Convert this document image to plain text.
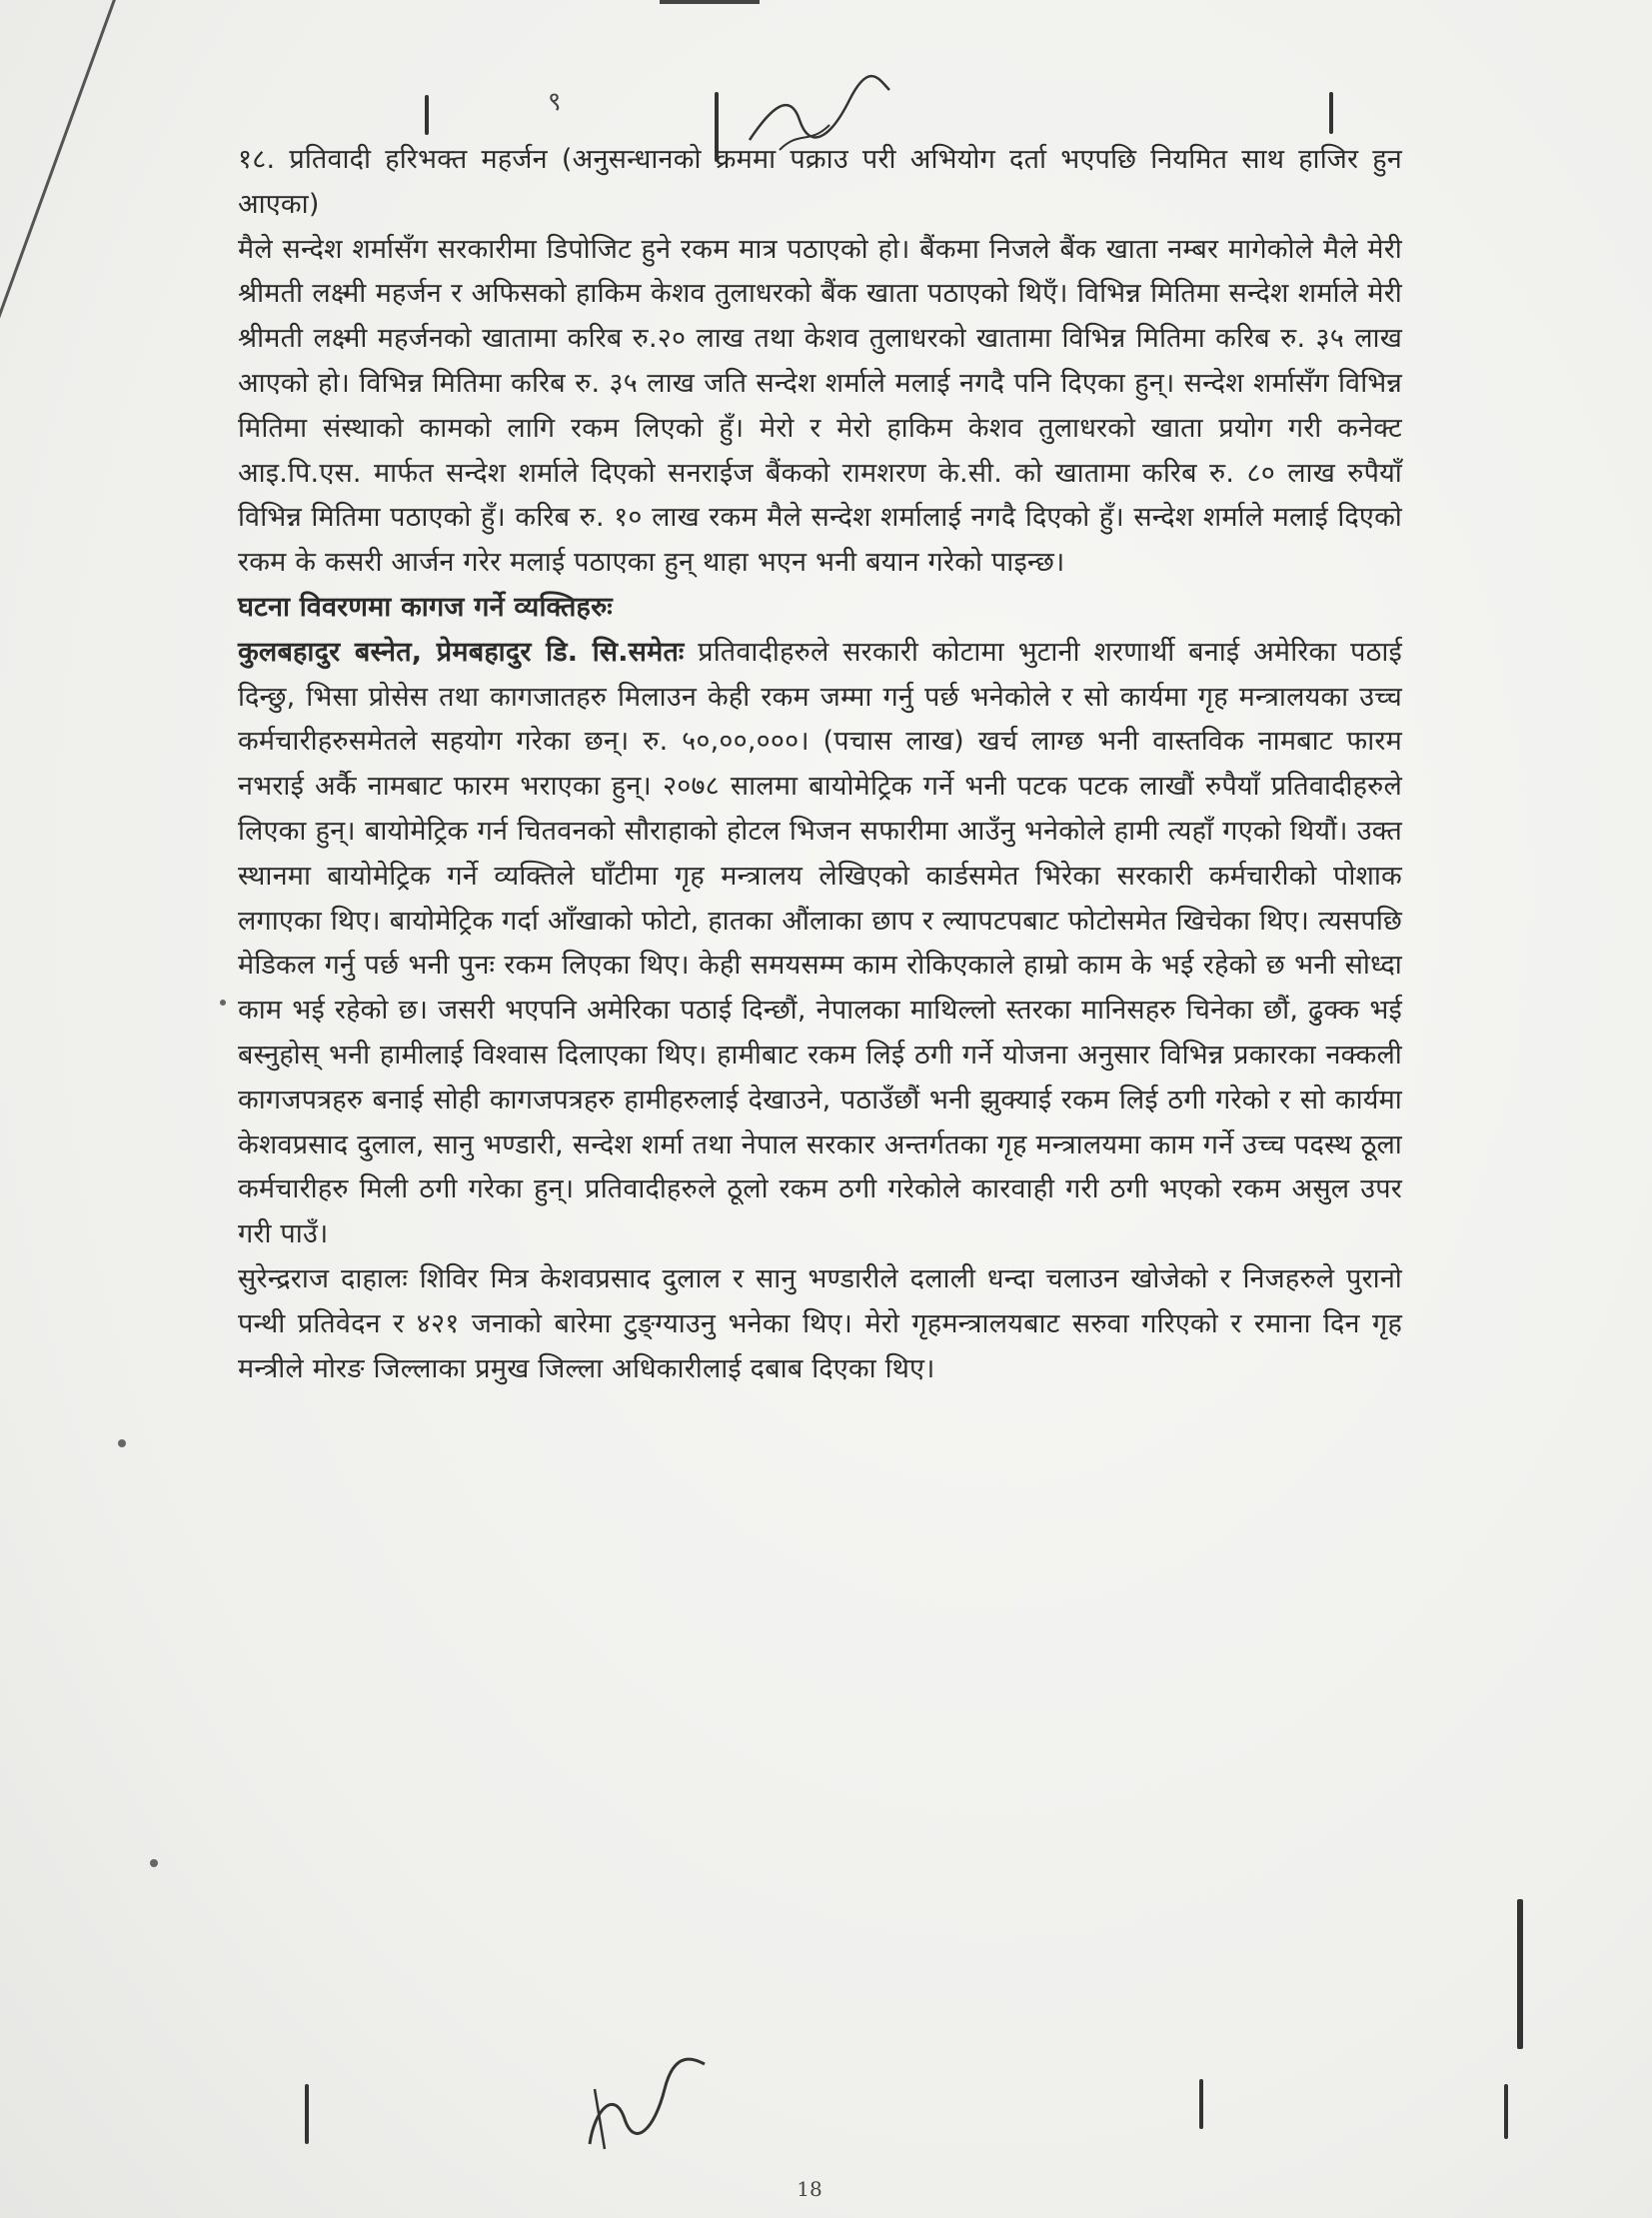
९

१८. प्रतिवादी हरिभक्त महर्जन (अनुसन्धानको क्रममा पक्राउ परी अभियोग दर्ता भएपछि नियमित साथ हाजिर हुन आएका)

मैले सन्देश शर्मासँग सरकारीमा डिपोजिट हुने रकम मात्र पठाएको हो। बैंकमा निजले बैंक खाता नम्बर मागेकोले मैले मेरी श्रीमती लक्ष्मी महर्जन र अफिसको हाकिम केशव तुलाधरको बैंक खाता पठाएको थिएँ। विभिन्न मितिमा सन्देश शर्माले मेरी श्रीमती लक्ष्मी महर्जनको खातामा करिब रु.२० लाख तथा केशव तुलाधरको खातामा विभिन्न मितिमा करिब रु. ३५ लाख आएको हो। विभिन्न मितिमा करिब रु. ३५ लाख जति सन्देश शर्माले मलाई नगदै पनि दिएका हुन्। सन्देश शर्मासँग विभिन्न मितिमा संस्थाको कामको लागि रकम लिएको हुँ। मेरो र मेरो हाकिम केशव तुलाधरको खाता प्रयोग गरी कनेक्ट आइ.पि.एस. मार्फत सन्देश शर्माले दिएको सनराईज बैंकको रामशरण के.सी. को खातामा करिब रु. ८० लाख रुपैयाँ विभिन्न मितिमा पठाएको हुँ। करिब रु. १० लाख रकम मैले सन्देश शर्मालाई नगदै दिएको हुँ। सन्देश शर्माले मलाई दिएको रकम के कसरी आर्जन गरेर मलाई पठाएका हुन् थाहा भएन भनी बयान गरेको पाइन्छ।

घटना विवरणमा कागज गर्ने व्यक्तिहरुः

कुलबहादुर बस्नेत, प्रेमबहादुर डि. सि.समेतः प्रतिवादीहरुले सरकारी कोटामा भुटानी शरणार्थी बनाई अमेरिका पठाई दिन्छु, भिसा प्रोसेस तथा कागजातहरु मिलाउन केही रकम जम्मा गर्नु पर्छ भनेकोले र सो कार्यमा गृह मन्त्रालयका उच्च कर्मचारीहरुसमेतले सहयोग गरेका छन्। रु. ५०,००,०००। (पचास लाख) खर्च लाग्छ भनी वास्तविक नामबाट फारम नभराई अर्कै नामबाट फारम भराएका हुन्। २०७८ सालमा बायोमेट्रिक गर्ने भनी पटक पटक लाखौं रुपैयाँ प्रतिवादीहरुले लिएका हुन्। बायोमेट्रिक गर्न चितवनको सौराहाको होटल भिजन सफारीमा आउँनु भनेकोले हामी त्यहाँ गएको थियौं। उक्त स्थानमा बायोमेट्रिक गर्ने व्यक्तिले घाँटीमा गृह मन्त्रालय लेखिएको कार्डसमेत भिरेका सरकारी कर्मचारीको पोशाक लगाएका थिए। बायोमेट्रिक गर्दा आँखाको फोटो, हातका औंलाका छाप र ल्यापटपबाट फोटोसमेत खिचेका थिए। त्यसपछि मेडिकल गर्नु पर्छ भनी पुनः रकम लिएका थिए। केही समयसम्म काम रोकिएकाले हाम्रो काम के भई रहेको छ भनी सोध्दा काम भई रहेको छ। जसरी भएपनि अमेरिका पठाई दिन्छौं, नेपालका माथिल्लो स्तरका मानिसहरु चिनेका छौं, ढुक्क भई बस्नुहोस् भनी हामीलाई विश्वास दिलाएका थिए। हामीबाट रकम लिई ठगी गर्ने योजना अनुसार विभिन्न प्रकारका नक्कली कागजपत्रहरु बनाई सोही कागजपत्रहरु हामीहरुलाई देखाउने, पठाउँछौं भनी झुक्याई रकम लिई ठगी गरेको र सो कार्यमा केशवप्रसाद दुलाल, सानु भण्डारी, सन्देश शर्मा तथा नेपाल सरकार अन्तर्गतका गृह मन्त्रालयमा काम गर्ने उच्च पदस्थ ठूला कर्मचारीहरु मिली ठगी गरेका हुन्। प्रतिवादीहरुले ठूलो रकम ठगी गरेकोले कारवाही गरी ठगी भएको रकम असुल उपर गरी पाउँ।

सुरेन्द्रराज दाहालः शिविर मित्र केशवप्रसाद दुलाल र सानु भण्डारीले दलाली धन्दा चलाउन खोजेको र निजहरुले पुरानो पन्थी प्रतिवेदन र ४२१ जनाको बारेमा टुङ्ग्याउनु भनेका थिए। मेरो गृहमन्त्रालयबाट सरुवा गरिएको र रमाना दिन गृह मन्त्रीले मोरङ जिल्लाका प्रमुख जिल्ला अधिकारीलाई दबाब दिएका थिए।

18
